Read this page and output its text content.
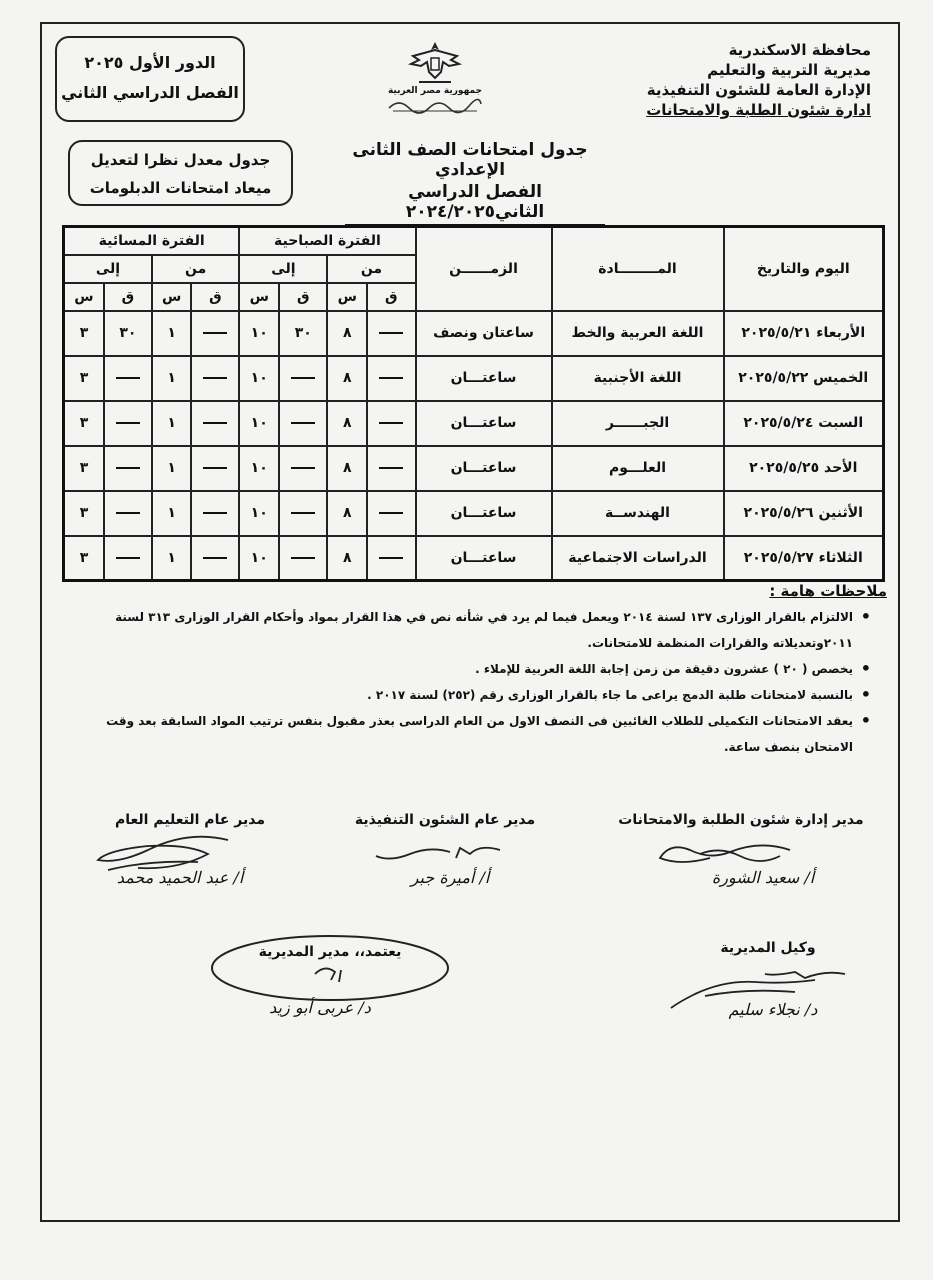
محافظة الاسكندرية
مديرية التربية والتعليم
الإدارة العامة للشئون التنفيذية
ادارة شئون الطلبة والامتحانات
جمهورية مصر العربية
الدور الأول ٢٠٢٥
الفصل الدراسي الثاني
جدول معدل نظرا لتعديل
ميعاد امتحانات الدبلومات
جدول امتحانات الصف الثانى الإعدادي
الفصل الدراسي الثاني٢٠٢٤/٢٠٢٥
اليوم والتاريخ	المــــــــادة	الزمــــــن	الفترة الصباحية				الفترة المسائية			
			من		إلى		من		إلى	
			ق	س	ق	س	ق	س	ق	س
الأربعاء ٢٠٢٥/٥/٢١	اللغة العربية والخط	ساعتان ونصف		٨	٣٠	١٠		١	٣٠	٣
الخميس ٢٠٢٥/٥/٢٢	اللغة الأجنبية	ساعتـــان		٨		١٠		١		٣
السبت ٢٠٢٥/٥/٢٤	الجبــــــر	ساعتـــان		٨		١٠		١		٣
الأحد ٢٠٢٥/٥/٢٥	العلـــوم	ساعتـــان		٨		١٠		١		٣
الأثنين ٢٠٢٥/٥/٢٦	الهندســة	ساعتـــان		٨		١٠		١		٣
الثلاثاء ٢٠٢٥/٥/٢٧	الدراسات الاجتماعية	ساعتـــان		٨		١٠		١		٣
ملاحظات هامة :
• الالتزام بالقرار الوزارى ١٣٧ لسنة ٢٠١٤ ويعمل فيما لم يرد في شأنه نص في هذا القرار بمواد وأحكام القرار الوزارى ٣١٣ لسنة ٢٠١١وتعديلاته والقرارات المنظمة للامتحانات.
• يخصص ( ٢٠ ) عشرون دقيقة من زمن إجابة اللغة العربية للإملاء .
• بالنسبة لامتحانات طلبة الدمج يراعى ما جاء بالقرار الوزارى رقم (٢٥٢) لسنة ٢٠١٧ .
• يعقد الامتحانات التكميلى للطلاب الغائبين فى النصف الاول من العام الدراسى بعذر مقبول بنفس ترتيب المواد السابقة بعد وقت الامتحان بنصف ساعة.
مدير إدارة شئون الطلبة والامتحانات
أ/ سعيد الشورة
مدير عام الشئون التنفيذية
أ/ أميرة جبر
مدير عام التعليم العام
أ/ عبد الحميد محمد
وكيل المديرية
د/ نجلاء سليم
يعتمد،، مدير المديرية
د/ عربى أبو زيد
